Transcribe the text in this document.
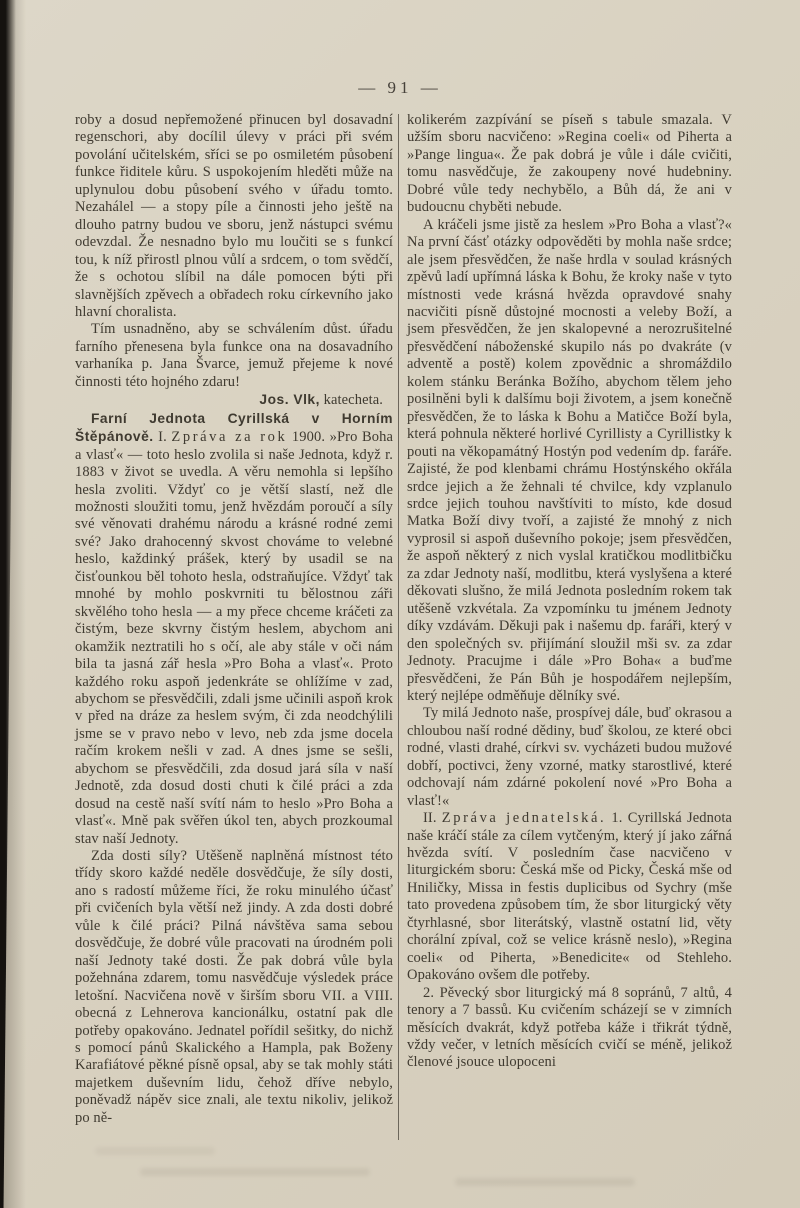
— 91 —

roby a dosud nepřemožené přinucen byl dosavadní regenschori, aby docílil úlevy v práci při svém povolání učitelském, sříci se po osmiletém působení funkce řiditele kůru. S uspokojením hleděti může na uplynulou dobu působení svého v úřadu tomto. Nezahálel — a stopy píle a činnosti jeho ještě na dlouho patrny budou ve sboru, jenž nástupci svému odevzdal. Že nesnadno bylo mu loučiti se s funkcí tou, k níž přirostl plnou vůlí a srdcem, o tom svědčí, že s ochotou slíbil na dále pomocen býti při slavnějších zpěvech a obřadech roku církevního jako hlavní choralista.

Tím usnadněno, aby se schválením důst. úřadu farního přenesena byla funkce ona na dosavadního varhaníka p. Jana Švarce, jemuž přejeme k nové činnosti této hojného zdaru!

Jos. Vlk, katecheta.

Farní Jednota Cyrillská v Horním Štěpánově. I. Zpráva za rok 1900. »Pro Boha a vlasť« — toto heslo zvolila si naše Jednota, když r. 1883 v život se uvedla. A věru nemohla si lepšího hesla zvoliti. Vždyť co je větší slastí, než dle možnosti sloužiti tomu, jenž hvězdám poroučí a síly své věnovati drahému národu a krásné rodné zemi své? Jako drahocenný skvost chováme to velebné heslo, každinký prášek, který by usadil se na čisťounkou běl tohoto hesla, odstraňujíce. Vždyť tak mnohé by mohlo poskvrniti tu bělostnou záři skvělého toho hesla — a my přece chceme kráčeti za čistým, beze skvrny čistým heslem, abychom ani okamžik neztratili ho s očí, ale aby stále v oči nám bila ta jasná zář hesla »Pro Boha a vlasť«. Proto každého roku aspoň jedenkráte se ohlížíme v zad, abychom se přesvědčili, zdali jsme učinili aspoň krok v před na dráze za heslem svým, či zda neodchýlili jsme se v pravo nebo v levo, neb zda jsme docela račím krokem nešli v zad. A dnes jsme se sešli, abychom se přesvědčili, zda dosud jará síla v naší Jednotě, zda dosud dosti chuti k čilé práci a zda dosud na cestě naší svítí nám to heslo »Pro Boha a vlasť«. Mně pak svěřen úkol ten, abych prozkoumal stav naší Jednoty.

Zda dosti síly? Utěšeně naplněná místnost této třídy skoro každé neděle dosvědčuje, že síly dosti, ano s radostí můžeme říci, že roku minulého účasť při cvičeních byla větší než jindy. A zda dosti dobré vůle k čilé práci? Pilná návštěva sama sebou dosvědčuje, že dobré vůle pracovati na úrodném poli naší Jednoty také dosti. Že pak dobrá vůle byla požehnána zdarem, tomu nasvědčuje výsledek práce letošní. Nacvičena nově v širším sboru VII. a VIII. obecná z Lehnerova kancionálku, ostatní pak dle potřeby opakováno. Jednatel pořídil sešitky, do nichž s pomocí pánů Skalického a Hampla, pak Boženy Karafiátové pěkné písně opsal, aby se tak mohly státi majetkem duševním lidu, čehož dříve nebylo, poněvadž nápěv sice znali, ale textu nikoliv, jelikož po ně-

kolikerém zazpívání se píseň s tabule smazala. V užším sboru nacvičeno: »Regina coeli« od Piherta a »Pange lingua«. Že pak dobrá je vůle i dále cvičiti, tomu nasvědčuje, že zakoupeny nové hudebniny. Dobré vůle tedy nechybělo, a Bůh dá, že ani v budoucnu chyběti nebude.

A kráčeli jsme jistě za heslem »Pro Boha a vlasť?« Na první čásť otázky odpověděti by mohla naše srdce; ale jsem přesvědčen, že naše hrdla v soulad krásných zpěvů ladí upřímná láska k Bohu, že kroky naše v tyto místnosti vede krásná hvězda opravdové snahy nacvičiti písně důstojné mocnosti a veleby Boží, a jsem přesvědčen, že jen skalopevné a nerozrušitelné přesvědčení náboženské skupilo nás po dvakráte (v adventě a postě) kolem zpovědnic a shromáždilo kolem stánku Beránka Božího, abychom tělem jeho posilněni byli k dalšímu boji životem, a jsem konečně přesvědčen, že to láska k Bohu a Matičce Boží byla, která pohnula některé horlivé Cyrillisty a Cyrillistky k pouti na věkopamátný Hostýn pod vedením dp. faráře. Zajisté, že pod klenbami chrámu Hostýnského okřála srdce jejich a že žehnali té chvilce, kdy vzplanulo srdce jejich touhou navštíviti to místo, kde dosud Matka Boží divy tvoří, a zajisté že mnohý z nich vyprosil si aspoň duševního pokoje; jsem přesvědčen, že aspoň některý z nich vyslal kratičkou modlitbičku za zdar Jednoty naší, modlitbu, která vyslyšena a které děkovati slušno, že milá Jednota posledním rokem tak utěšeně vzkvétala. Za vzpomínku tu jménem Jednoty díky vzdávám. Děkuji pak i našemu dp. faráři, který v den společných sv. přijímání sloužil mši sv. za zdar Jednoty. Pracujme i dále »Pro Boha« a buďme přesvědčeni, že Pán Bůh je hospodářem nejlepším, který nejlépe odměňuje dělníky své.

Ty milá Jednoto naše, prospívej dále, buď okrasou a chloubou naší rodné dědiny, buď školou, ze které obci rodné, vlasti drahé, církvi sv. vycházeti budou mužové dobří, poctivci, ženy vzorné, matky starostlivé, které odchovají nám zdárné pokolení nové »Pro Boha a vlasť!«

II. Zpráva jednatelská. 1. Cyrillská Jednota naše kráčí stále za cílem vytčeným, který jí jako zářná hvězda svítí. V posledním čase nacvičeno v liturgickém sboru: Česká mše od Picky, Česká mše od Hniličky, Missa in festis duplicibus od Sychry (mše tato provedena způsobem tím, že sbor liturgický věty čtyrhlasné, sbor literátský, vlastně ostatní lid, věty chorální zpíval, což se velice krásně neslo), »Regina coeli« od Piherta, »Benedicite« od Stehleho. Opakováno ovšem dle potřeby.

2. Pěvecký sbor liturgický má 8 sopránů, 7 altů, 4 tenory a 7 bassů. Ku cvičením scházejí se v zimních měsících dvakrát, když potřeba káže i třikrát týdně, vždy večer, v letních měsících cvičí se méně, jelikož členové jsouce ulopoceni
